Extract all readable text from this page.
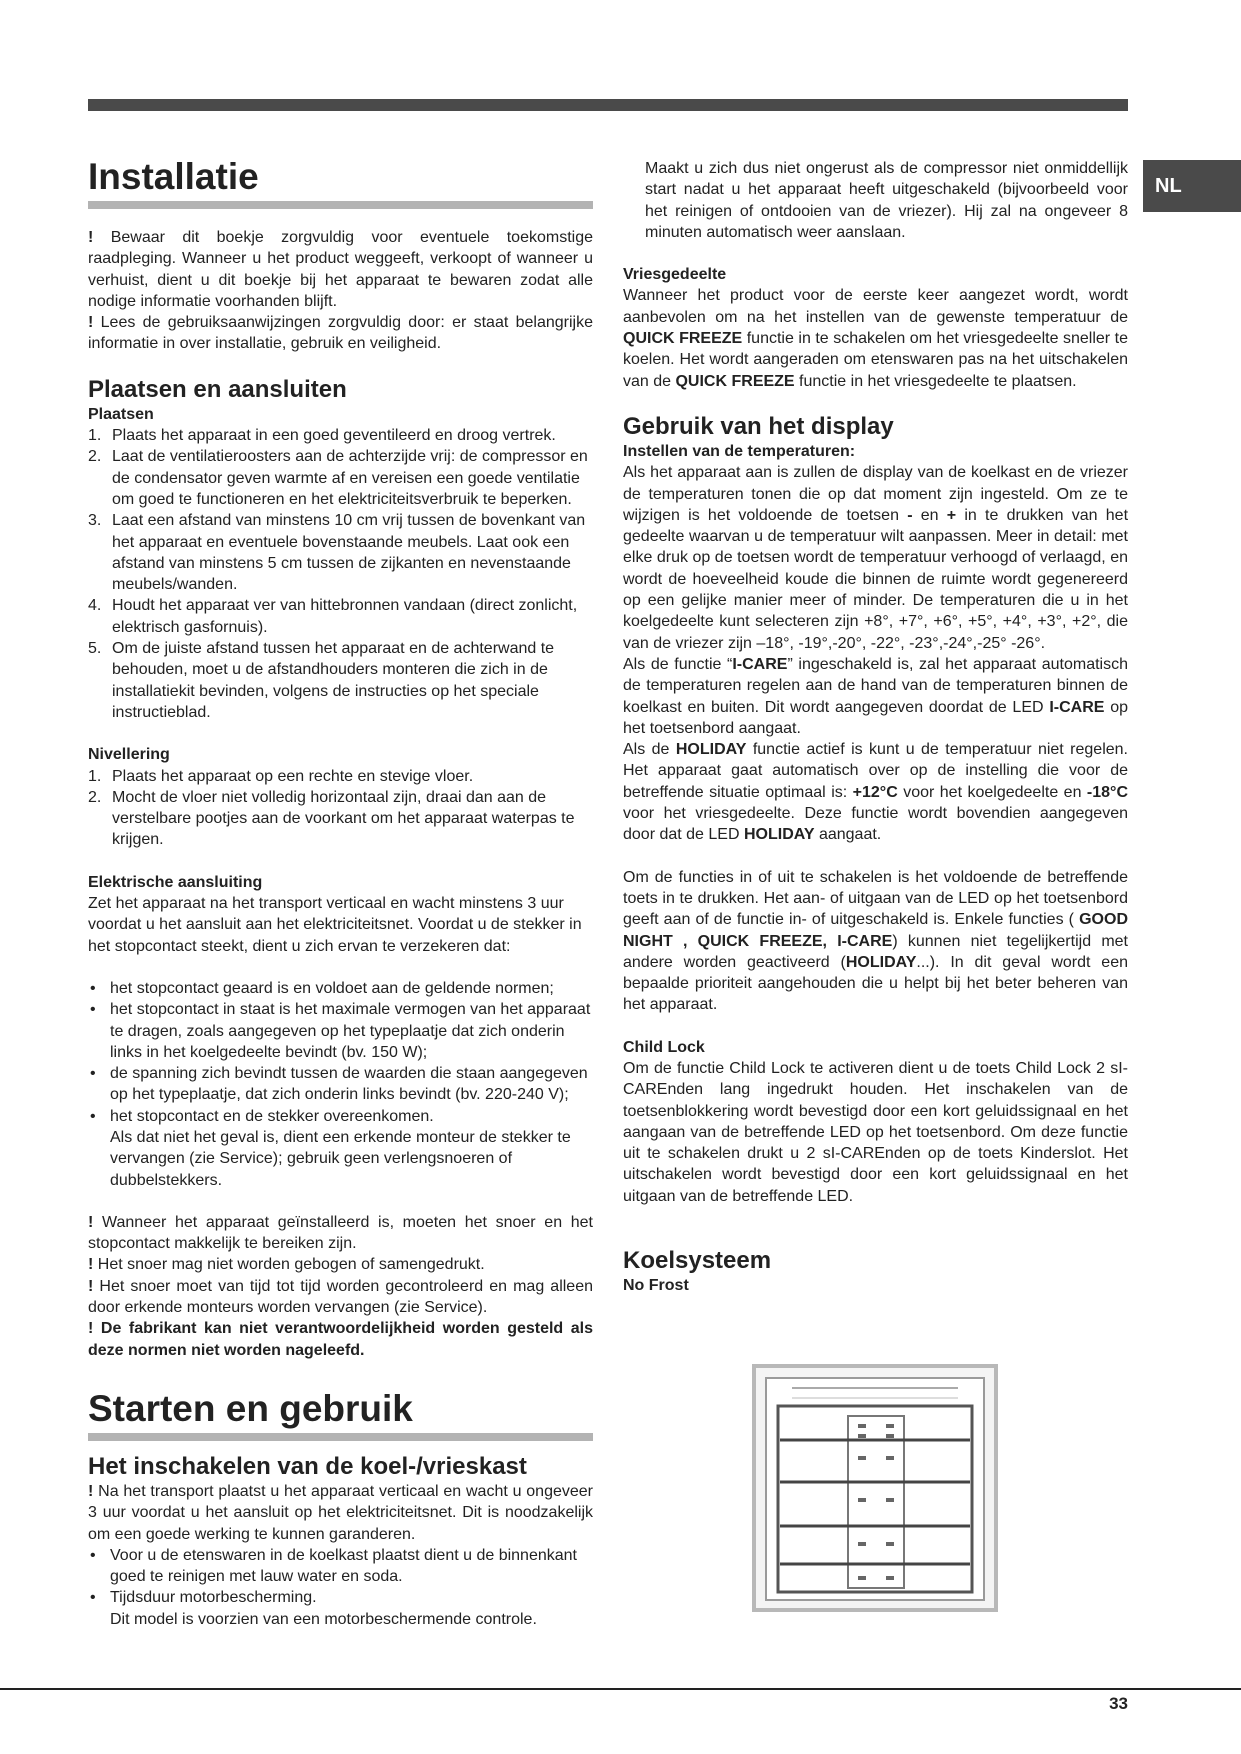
NL
Installatie

! Bewaar dit boekje zorgvuldig voor eventuele toekomstige raadpleging. Wanneer u het product weggeeft, verkoopt of wanneer u verhuist, dient u dit boekje bij het apparaat te bewaren zodat alle nodige informatie voorhanden blijft.

! Lees de gebruiksaanwijzingen zorgvuldig door: er staat belangrijke informatie in over installatie, gebruik en veiligheid.

Plaatsen en aansluiten
Plaatsen
1. Plaats het apparaat in een goed geventileerd en droog vertrek.
2. Laat de ventilatieroosters aan de achterzijde vrij: de compressor en de condensator geven warmte af en vereisen een goede ventilatie om goed te functioneren en het elektriciteitsverbruik te beperken.
3. Laat een afstand van minstens 10 cm vrij tussen de bovenkant van het apparaat en eventuele bovenstaande meubels. Laat ook een afstand van minstens 5 cm tussen de zijkanten en nevenstaande meubels/wanden.
4. Houdt het apparaat ver van hittebronnen vandaan (direct zonlicht, elektrisch gasfornuis).
5. Om de juiste afstand tussen het apparaat en de achterwand te behouden, moet u de afstandhouders monteren die zich in de installatiekit bevinden, volgens de instructies op het speciale instructieblad.
Nivellering
1. Plaats het apparaat op een rechte en stevige vloer.
2. Mocht de vloer niet volledig horizontaal zijn, draai dan aan de verstelbare pootjes aan de voorkant om het apparaat waterpas te krijgen.
Elektrische aansluiting

Zet het apparaat na het transport verticaal en wacht minstens 3 uur voordat u het aansluit aan het elektriciteitsnet. Voordat u de stekker in het stopcontact steekt, dient u zich ervan te verzekeren dat:

• het stopcontact geaard is en voldoet aan de geldende normen;
• het stopcontact in staat is het maximale vermogen van het apparaat te dragen, zoals aangegeven op het typeplaatje dat zich onderin links in het koelgedeelte bevindt (bv. 150 W);
• de spanning zich bevindt tussen de waarden die staan aangegeven op het typeplaatje, dat zich onderin links bevindt (bv. 220-240 V);
• het stopcontact en de stekker overeenkomen.

Als dat niet het geval is, dient een erkende monteur de stekker te vervangen (zie Service); gebruik geen verlengsnoeren of dubbelstekkers.

! Wanneer het apparaat geïnstalleerd is, moeten het snoer en het stopcontact makkelijk te bereiken zijn.

! Het snoer mag niet worden gebogen of samengedrukt.

! Het snoer moet van tijd tot tijd worden gecontroleerd en mag alleen door erkende monteurs worden vervangen (zie Service).

! De fabrikant kan niet verantwoordelijkheid worden gesteld als deze normen niet worden nageleefd.

Starten en gebruik
Het inschakelen van de koel-/vrieskast

! Na het transport plaatst u het apparaat verticaal en wacht u ongeveer 3 uur voordat u het aansluit op het elektriciteitsnet. Dit is noodzakelijk om een goede werking te kunnen garanderen.

• Voor u de etenswaren in de koelkast plaatst dient u de binnenkant goed te reinigen met lauw water en soda.
• Tijdsduur motorbescherming.

Dit model is voorzien van een motorbeschermende controle.

Maakt u zich dus niet ongerust als de compressor niet onmiddellijk start nadat u het apparaat heeft uitgeschakeld (bijvoorbeeld voor het reinigen of ontdooien van de vriezer). Hij zal na ongeveer 8 minuten automatisch weer aanslaan.

Vriesgedeelte

Wanneer het product voor de eerste keer aangezet wordt, wordt aanbevolen om na het instellen van de gewenste temperatuur de QUICK FREEZE functie in te schakelen om het vriesgedeelte sneller te koelen. Het wordt aangeraden om etenswaren pas na het uitschakelen van de QUICK FREEZE functie in het vriesgedeelte te plaatsen.

Gebruik van het display
Instellen van de temperaturen:

Als het apparaat aan is zullen de display van de koelkast en de vriezer de temperaturen tonen die op dat moment zijn ingesteld. Om ze te wijzigen is het voldoende de toetsen - en + in te drukken van het gedeelte waarvan u de temperatuur wilt aanpassen. Meer in detail: met elke druk op de toetsen wordt de temperatuur verhoogd of verlaagd, en wordt de hoeveelheid koude die binnen de ruimte wordt gegenereerd op een gelijke manier meer of minder. De temperaturen die u in het koelgedeelte kunt selecteren zijn +8°, +7°, +6°, +5°, +4°, +3°, +2°, die van de vriezer zijn –18°, -19°,-20°, -22°, -23°,-24°,-25° -26°.

Als de functie “I-CARE” ingeschakeld is, zal het apparaat automatisch de temperaturen regelen aan de hand van de temperaturen binnen de koelkast en buiten. Dit wordt aangegeven doordat de LED I-CARE op het toetsenbord aangaat.

Als de HOLIDAY functie actief is kunt u de temperatuur niet regelen. Het apparaat gaat automatisch over op de instelling die voor de betreffende situatie optimaal is: +12°C voor het koelgedeelte en -18°C voor het vriesgedeelte. Deze functie wordt bovendien aangegeven door dat de LED HOLIDAY aangaat.

Om de functies in of uit te schakelen is het voldoende de betreffende toets in te drukken. Het aan- of uitgaan van de LED op het toetsenbord geeft aan of de functie in- of uitgeschakeld is. Enkele functies ( GOOD NIGHT , QUICK FREEZE, I-CARE) kunnen niet tegelijkertijd met andere worden geactiveerd (HOLIDAY...). In dit geval wordt een bepaalde prioriteit aangehouden die u helpt bij het beter beheren van het apparaat.

Child Lock

Om de functie Child Lock te activeren dient u de toets Child Lock 2 sI-CAREnden lang ingedrukt houden. Het inschakelen van de toetsenblokkering wordt bevestigd door een kort geluidssignaal en het aangaan van de betreffende LED op het toetsenbord. Om deze functie uit te schakelen drukt u 2 sI-CAREnden op de toets Kinderslot. Het uitschakelen wordt bevestigd door een kort geluidssignaal en het uitgaan van de betreffende LED.

Koelsysteem
No Frost
33
